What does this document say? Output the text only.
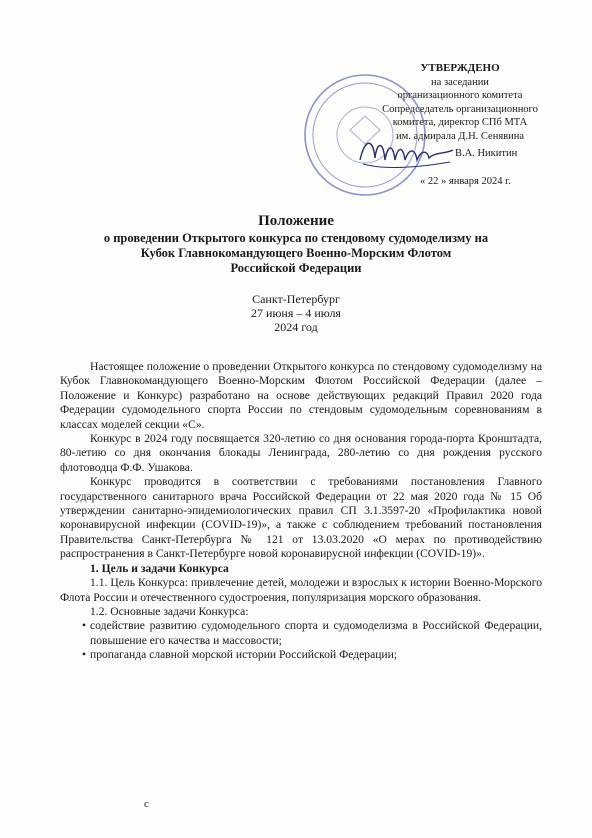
· · · · · · · · · · · · · · · · · · · · · ·
УТВЕРЖДЕНО
на заседании
организационного комитета
Сопредседатель организационного
комитета, директор СПб МТА
им. адмирала Д.Н. Сенявина
В.А. Никитин
« 22 » января 2024 г.
Положение
о проведении Открытого конкурса по стендовому судомоделизму на
Кубок Главнокомандующего Военно-Морским Флотом
Российской Федерации
Санкт-Петербург
27 июня – 4 июля
2024 год

Настоящее положение о проведении Открытого конкурса по стендовому судомоделизму на Кубок Главнокомандующего Военно-Морским Флотом Российской Федерации (далее – Положение и Конкурс) разработано на основе действующих редакций Правил 2020 года Федерации судомодельного спорта России по стендовым судомодельным соревнованиям в классах моделей секции «С».

Конкурс в 2024 году посвящается 320-летию со дня основания города-порта Кронштадта, 80-летию со дня окончания блокады Ленинграда, 280-летию со дня рождения русского флотоводца Ф.Ф. Ушакова.

Конкурс проводится в соответствии с требованиями постановления Главного государственного санитарного врача Российской Федерации от 22 мая 2020 года № 15 Об утверждении санитарно-эпидемиологических правил СП 3.1.3597-20 «Профилактика новой коронавирусной инфекции (COVID-19)», а также с соблюдением требований постановления Правительства Санкт-Петербурга № 121 от 13.03.2020 «О мерах по противодействию распространения в Санкт-Петербурге новой коронавирусной инфекции (COVID-19)».

1. Цель и задачи Конкурса

1.1. Цель Конкурса: привлечение детей, молодежи и взрослых к истории Военно-Морского Флота России и отечественного судостроения, популяризация морского образования.

1.2. Основные задачи Конкурса:

• содействие развитию судомодельного спорта и судомоделизма в Российской Федерации, повышение его качества и массовости;

• пропаганда славной морской истории Российской Федерации;

с
